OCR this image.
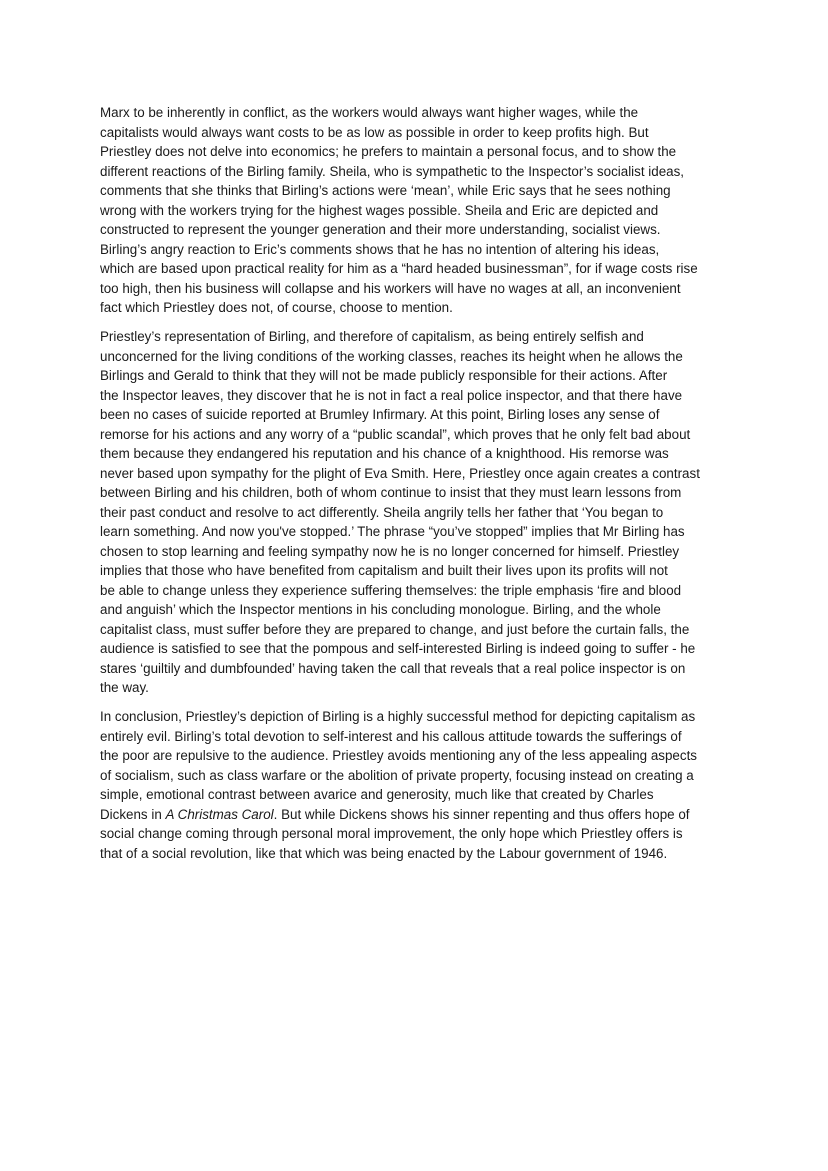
Marx to be inherently in conflict, as the workers would always want higher wages, while the
capitalists would always want costs to be as low as possible in order to keep profits high. But
Priestley does not delve into economics; he prefers to maintain a personal focus, and to show the
different reactions of the Birling family. Sheila, who is sympathetic to the Inspector’s socialist ideas,
comments that she thinks that Birling’s actions were ‘mean’, while Eric says that he sees nothing
wrong with the workers trying for the highest wages possible. Sheila and Eric are depicted and
constructed to represent the younger generation and their more understanding, socialist views.
Birling’s angry reaction to Eric’s comments shows that he has no intention of altering his ideas,
which are based upon practical reality for him as a “hard headed businessman”, for if wage costs rise
too high, then his business will collapse and his workers will have no wages at all, an inconvenient
fact which Priestley does not, of course, choose to mention.

Priestley’s representation of Birling, and therefore of capitalism, as being entirely selfish and
unconcerned for the living conditions of the working classes, reaches its height when he allows the
Birlings and Gerald to think that they will not be made publicly responsible for their actions. After
the Inspector leaves, they discover that he is not in fact a real police inspector, and that there have
been no cases of suicide reported at Brumley Infirmary. At this point, Birling loses any sense of
remorse for his actions and any worry of a “public scandal”, which proves that he only felt bad about
them because they endangered his reputation and his chance of a knighthood. His remorse was
never based upon sympathy for the plight of Eva Smith. Here, Priestley once again creates a contrast
between Birling and his children, both of whom continue to insist that they must learn lessons from
their past conduct and resolve to act differently. Sheila angrily tells her father that ‘You began to
learn something. And now you've stopped.’ The phrase “you’ve stopped” implies that Mr Birling has
chosen to stop learning and feeling sympathy now he is no longer concerned for himself. Priestley
implies that those who have benefited from capitalism and built their lives upon its profits will not
be able to change unless they experience suffering themselves: the triple emphasis ‘fire and blood
and anguish’ which the Inspector mentions in his concluding monologue. Birling, and the whole
capitalist class, must suffer before they are prepared to change, and just before the curtain falls, the
audience is satisfied to see that the pompous and self-interested Birling is indeed going to suffer - he
stares ‘guiltily and dumbfounded’ having taken the call that reveals that a real police inspector is on
the way.

In conclusion, Priestley’s depiction of Birling is a highly successful method for depicting capitalism as
entirely evil. Birling’s total devotion to self-interest and his callous attitude towards the sufferings of
the poor are repulsive to the audience. Priestley avoids mentioning any of the less appealing aspects
of socialism, such as class warfare or the abolition of private property, focusing instead on creating a
simple, emotional contrast between avarice and generosity, much like that created by Charles
Dickens in A Christmas Carol. But while Dickens shows his sinner repenting and thus offers hope of
social change coming through personal moral improvement, the only hope which Priestley offers is
that of a social revolution, like that which was being enacted by the Labour government of 1946.
